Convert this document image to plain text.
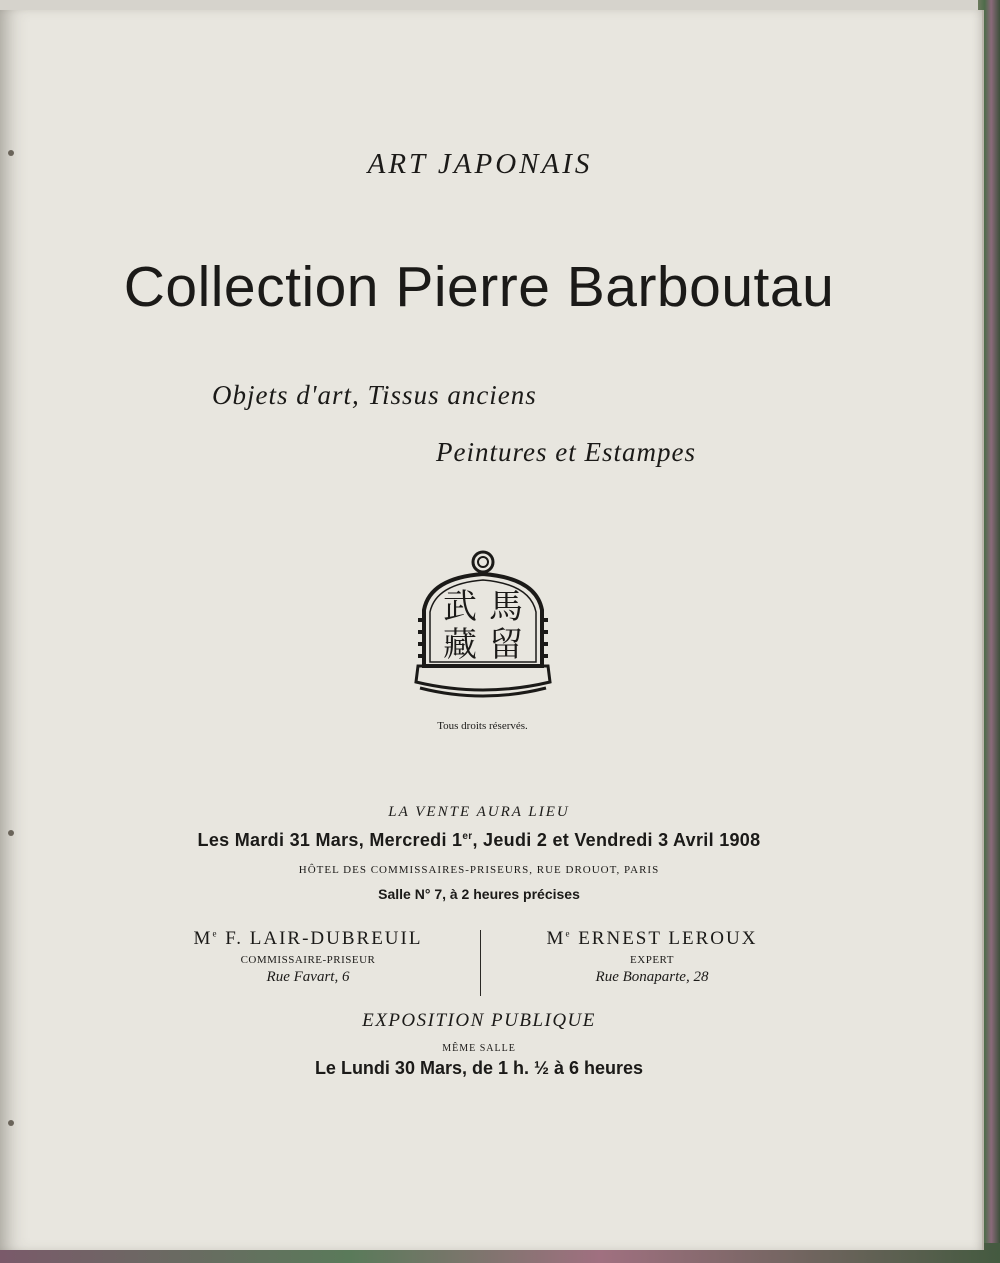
ART JAPONAIS
Collection Pierre Barboutau
Objets d'art, Tissus anciens
Peintures et Estampes
馬
武
留
藏
Tous droits réservés.
LA VENTE AURA LIEU
Les Mardi 31 Mars, Mercredi 1er, Jeudi 2 et Vendredi 3 Avril 1908
HÔTEL DES COMMISSAIRES-PRISEURS, RUE DROUOT, PARIS
Salle N° 7, à 2 heures précises
Me F. LAIR-DUBREUIL
COMMISSAIRE-PRISEUR
Rue Favart, 6
Me ERNEST LEROUX
EXPERT
Rue Bonaparte, 28
EXPOSITION PUBLIQUE
MÊME SALLE
Le Lundi 30 Mars, de 1 h. ½ à 6 heures
